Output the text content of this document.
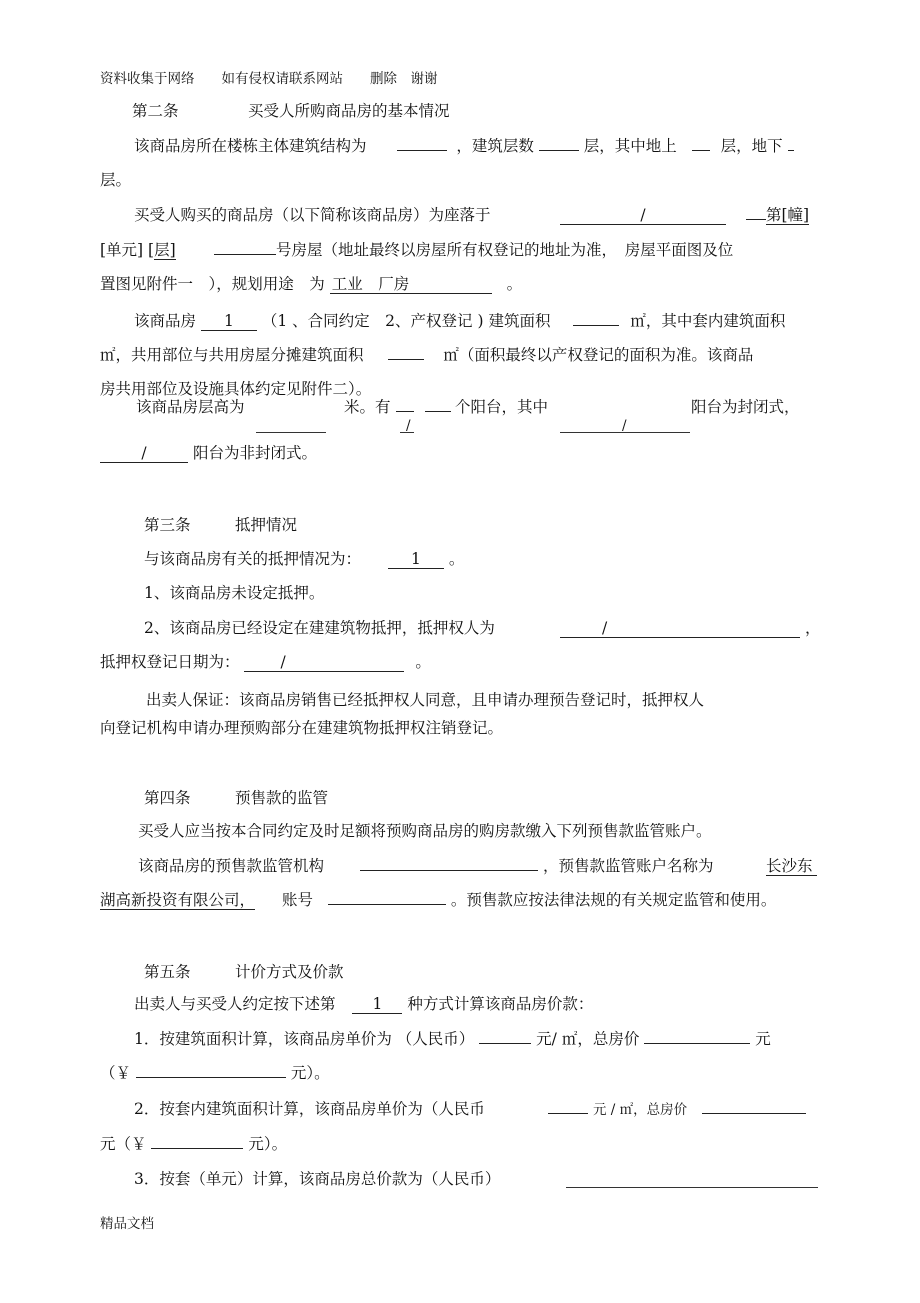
资料收集于网络　　如有侵权请联系网站　　删除　谢谢
第二条	买受人所购商品房的基本情况
该商品房所在楼栋主体建筑结构为	，建筑层数	层，其中地上	层，地下
层。
买受人购买的商品房（以下简称该商品房）为座落于	/	第[幢]
[单元] [层]	号房屋（地址最终以房屋所有权登记的地址为准，　房屋平面图及位
置图见附件一　），规划用途　为 工业　厂房	。
该商品房 1 （1 、合同约定　2、产权登记 ) 建筑面积	㎡，其中套内建筑面积
㎡，共用部位与共用房屋分摊建筑面积	㎡（面积最终以产权登记的面积为准。该商品
房共用部位及设施具体约定见附件二）。
该商品房层高为	米。有
	个阳台，其中	阳台为封闭式，
/	/
/	阳台为非封闭式。
第三条	抵押情况
与该商品房有关的抵押情况为：	1 。
1、该商品房未设定抵押。
2、该商品房已经设定在建建筑物抵押，抵押权人为	/	，
抵押权登记日期为：	/	。
出卖人保证：该商品房销售已经抵押权人同意，且申请办理预告登记时，抵押权人
向登记机构申请办理预购部分在建建筑物抵押权注销登记。
第四条	预售款的监管
买受人应当按本合同约定及时足额将预购商品房的购房款缴入下列预售款监管账户。
该商品房的预售款监管机构	，预售款监管账户名称为	长沙东
湖高新投资有限公司， 账号	。预售款应按法律法规的有关规定监管和使用。
第五条	计价方式及价款
出卖人与买受人约定按下述第 1 种方式计算该商品房价款：
1．按建筑面积计算，该商品房单价为 （人民币）	元/ ㎡，总房价	元
（￥	元）。
2．按套内建筑面积计算，该商品房单价为（人民币	元 / ㎡，总房价
元（￥	元）。
3．按套（单元）计算，该商品房总价款为（人民币）
精品文档
